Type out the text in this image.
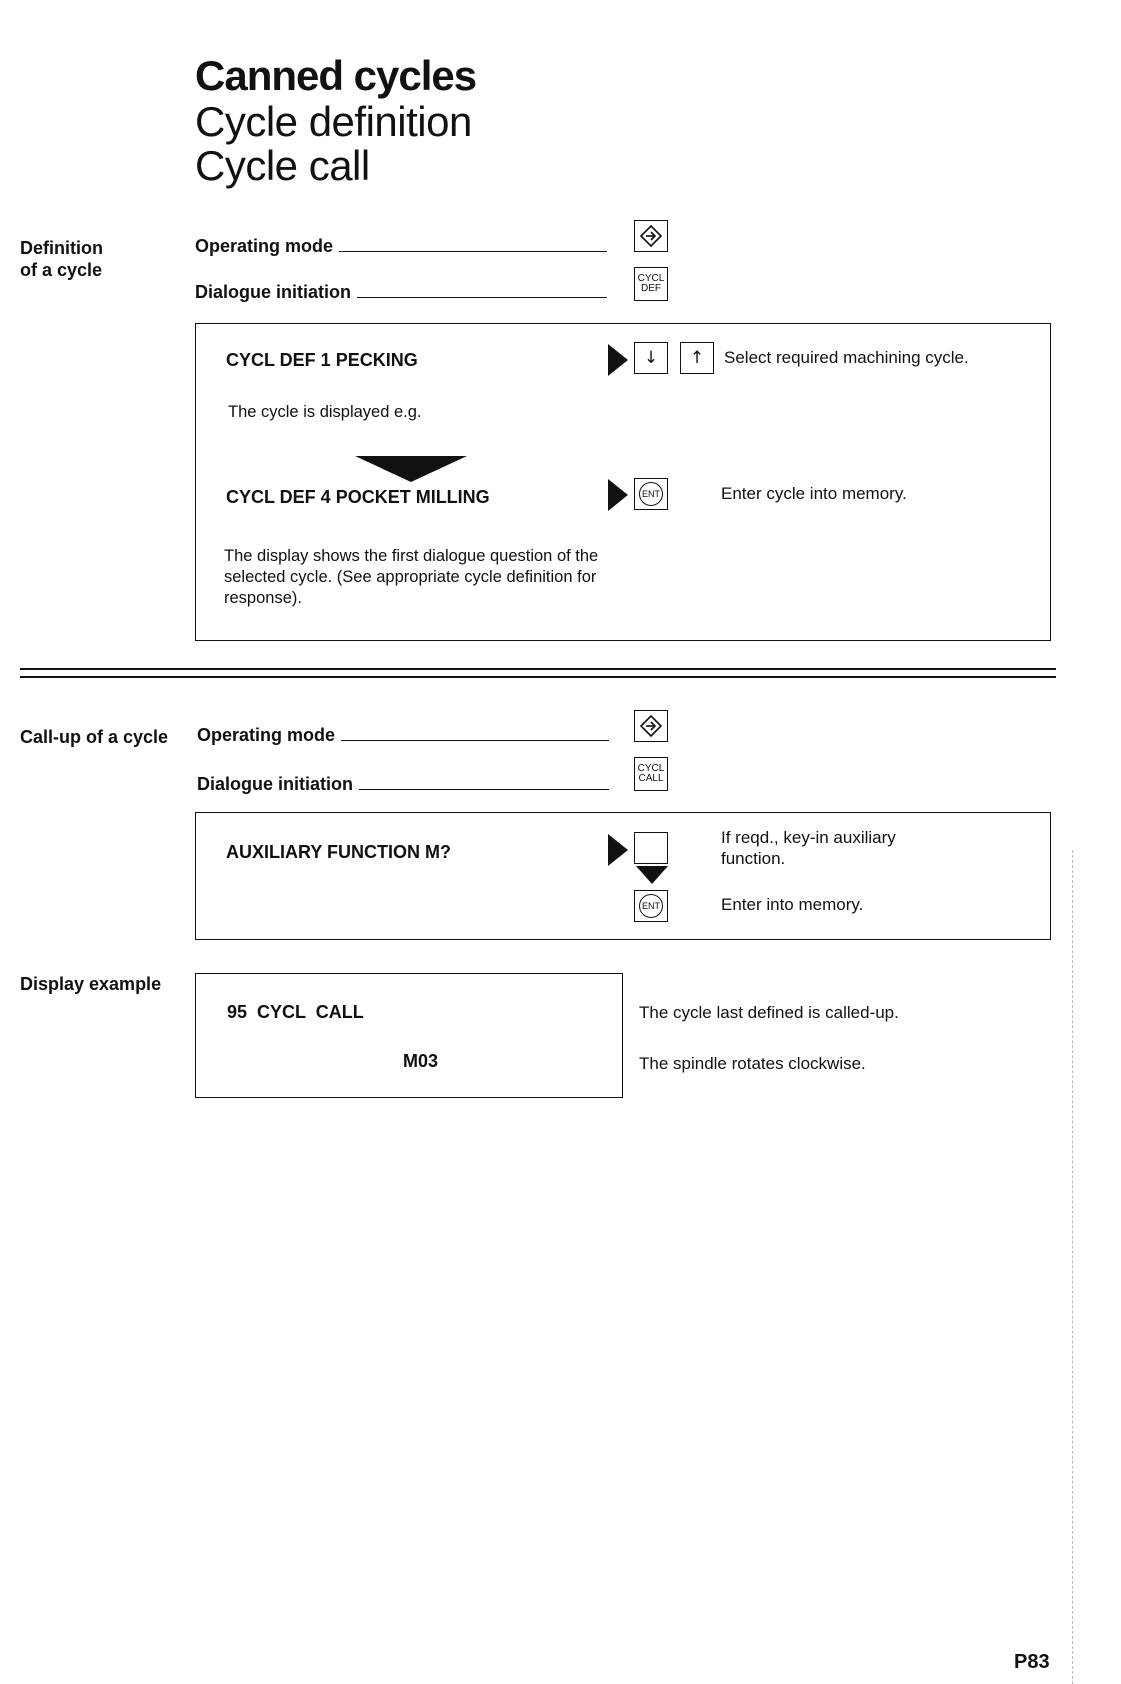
Canned cycles
Cycle definition
Cycle call
Definition
of a cycle
Operating mode
Dialogue initiation
CYCL
DEF
CYCL DEF 1 PECKING	↓	↑	Select required machining cycle.
The cycle is displayed e.g.
CYCL DEF 4 POCKET MILLING	ENT	Enter cycle into memory.
The display shows the first dialogue question of the selected cycle. (See appropriate cycle definition for response).
Call-up of a cycle Operating mode
Dialogue initiation
CYCL
CALL
AUXILIARY FUNCTION M?
ENT
If reqd., key-in auxiliary function.
Enter into memory.
Display example
95  CYCL  CALL
M03
The cycle last defined is called-up.
The spindle rotates clockwise.
P83
